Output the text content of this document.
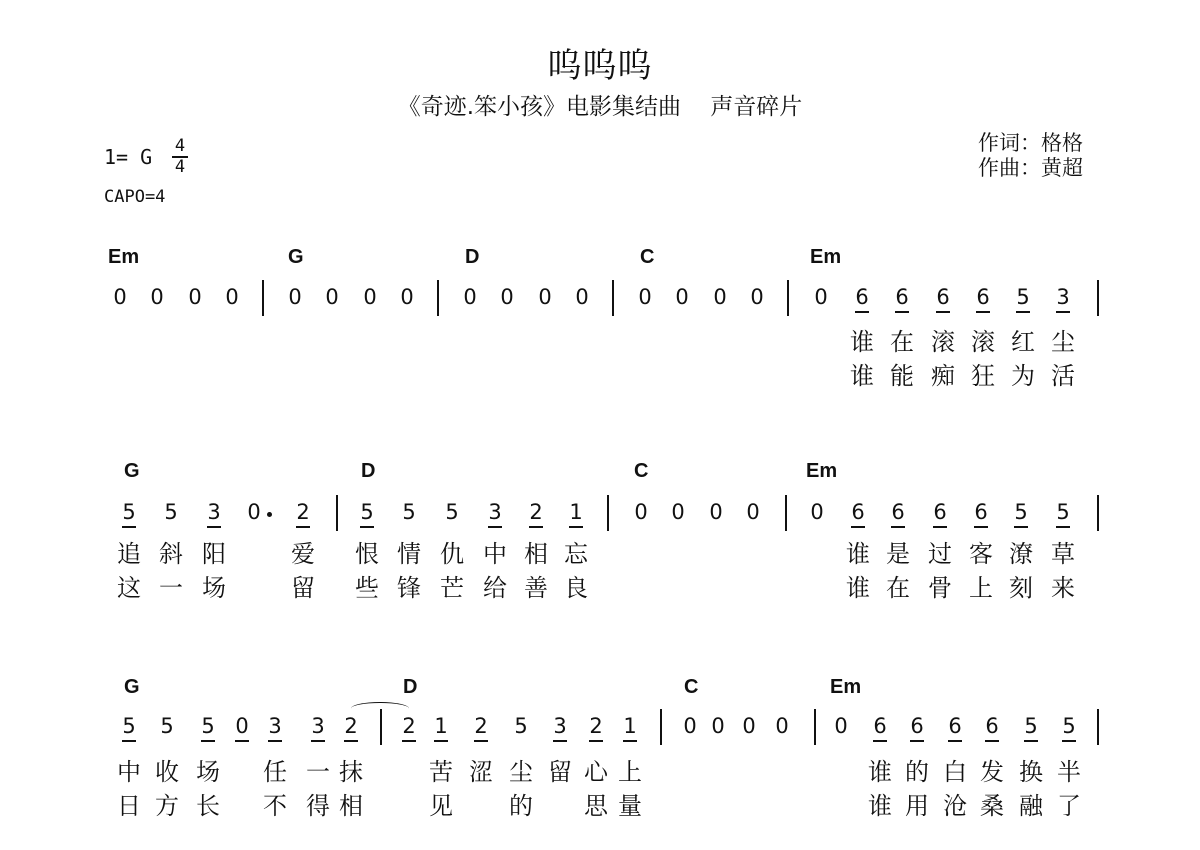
呜呜呜
《奇迹.笨小孩》电影集结曲    声音碎片
作词：格格
作曲：黄超
1= G 4
4
CAPO=4
Em	G	D	C	Em
0 0 0 0 0 0 0 0 0 0 0 0 0 0 0 0 0 6 6 6 6 5 3
谁 在 滚 滚 红 尘
谁 能 痴 狂 为 活
G	D	C	Em
5 5 3 0 2 5 5 5 3 2 1 0 0 0 0 0 6 6 6 6 5 5
追 斜 阳	爱 恨 情 仇 中 相 忘	谁 是 过 客 潦 草
这 一 场	留 些 锋 芒 给 善 良	谁 在 骨 上 刻 来
G	D	C	Em
5 5 5 0 3 3 2 2 1 2 5 3 2 1 0 0 0 0 0 6 6 6 6 5 5
中 收 场 任 一 抹	苦 涩 尘 留 心 上	谁 的 白 发 换 半
日 方 长 不 得 相	见 的 思 量	谁 用 沧 桑 融 了
